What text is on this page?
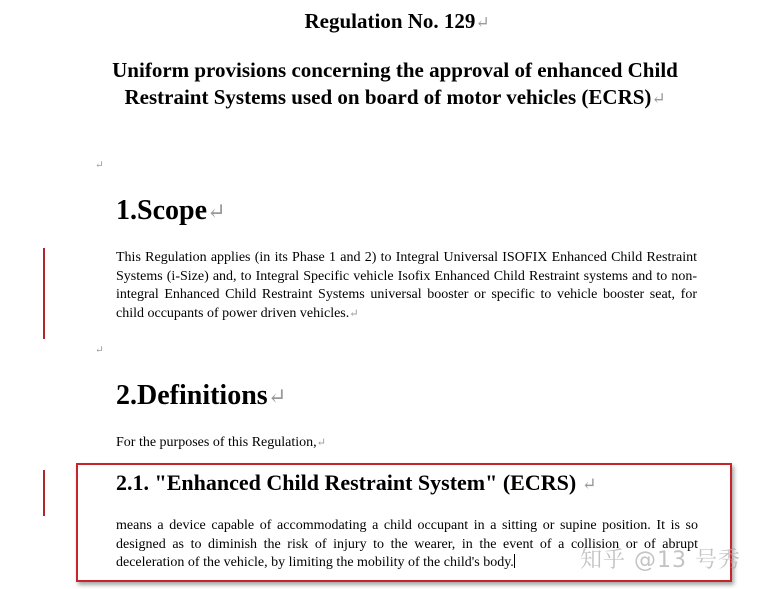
Regulation No. 129↵
Uniform provisions concerning the approval of enhanced Child Restraint Systems used on board of motor vehicles (ECRS)↵
↵
1.Scope↵
This Regulation applies (in its Phase 1 and 2) to Integral Universal ISOFIX Enhanced Child Restraint Systems (i-Size) and, to Integral Specific vehicle Isofix Enhanced Child Restraint systems and to non-integral Enhanced Child Restraint Systems universal booster or specific to vehicle booster seat, for child occupants of power driven vehicles.↵
↵
2.Definitions↵
For the purposes of this Regulation,↵
2.1. "Enhanced Child Restraint System" (ECRS) ↵
means a device capable of accommodating a child occupant in a sitting or supine position. It is so designed as to diminish the risk of injury to the wearer, in the event of a collision or of abrupt deceleration of the vehicle, by limiting the mobility of the child's body.	知乎 @13 号秀
